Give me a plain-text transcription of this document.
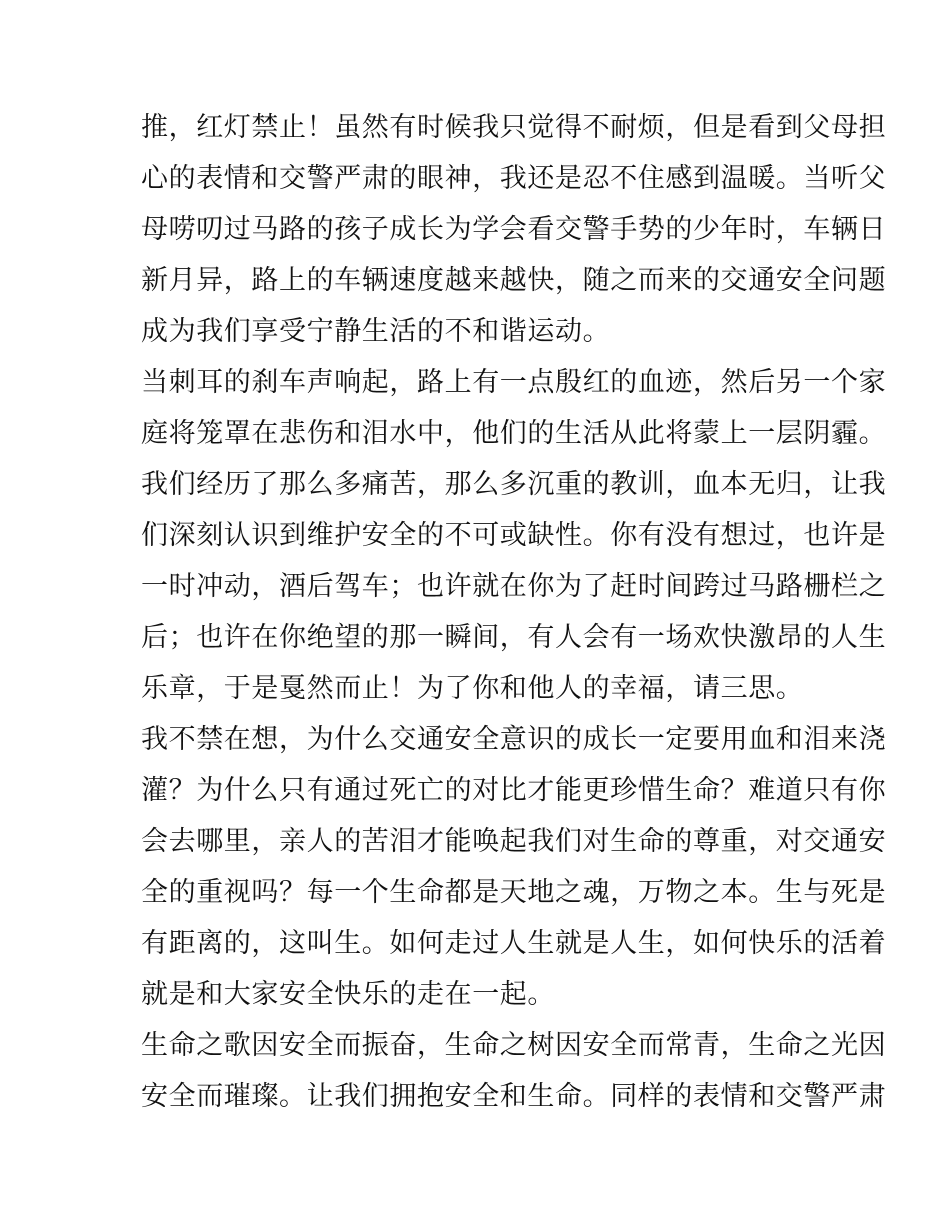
推，红灯禁止！虽然有时候我只觉得不耐烦，但是看到父母担
心的表情和交警严肃的眼神，我还是忍不住感到温暖。当听父
母唠叨过马路的孩子成长为学会看交警手势的少年时，车辆日
新月异，路上的车辆速度越来越快，随之而来的交通安全问题
成为我们享受宁静生活的不和谐运动。
当刺耳的刹车声响起，路上有一点殷红的血迹，然后另一个家
庭将笼罩在悲伤和泪水中，他们的生活从此将蒙上一层阴霾。
我们经历了那么多痛苦，那么多沉重的教训，血本无归，让我
们深刻认识到维护安全的不可或缺性。你有没有想过，也许是
一时冲动，酒后驾车；也许就在你为了赶时间跨过马路栅栏之
后；也许在你绝望的那一瞬间，有人会有一场欢快激昂的人生
乐章，于是戛然而止！为了你和他人的幸福，请三思。
我不禁在想，为什么交通安全意识的成长一定要用血和泪来浇
灌？为什么只有通过死亡的对比才能更珍惜生命？难道只有你
会去哪里，亲人的苦泪才能唤起我们对生命的尊重，对交通安
全的重视吗？每一个生命都是天地之魂，万物之本。生与死是
有距离的，这叫生。如何走过人生就是人生，如何快乐的活着
就是和大家安全快乐的走在一起。
生命之歌因安全而振奋，生命之树因安全而常青，生命之光因
安全而璀璨。让我们拥抱安全和生命。同样的表情和交警严肃
